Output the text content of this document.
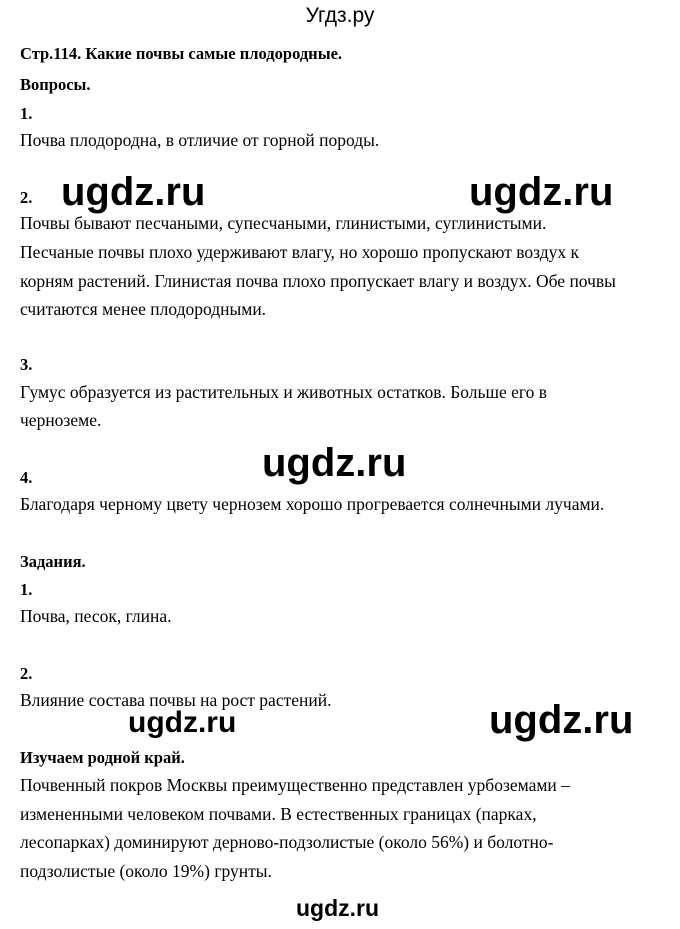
Угдз.ру
Стр.114. Какие почвы самые плодородные.
Вопросы.
1.
Почва плодородна, в отличие от горной породы.
2.
Почвы бывают песчаными, супесчаными, глинистыми, суглинистыми.
Песчаные почвы плохо удерживают влагу, но хорошо пропускают воздух к
корням растений. Глинистая почва плохо пропускает влагу и воздух. Обе почвы
считаются менее плодородными.
3.
Гумус образуется из растительных и животных остатков. Больше его в
черноземе.
4.
Благодаря черному цвету чернозем хорошо прогревается солнечными лучами.
Задания.
1.
Почва, песок, глина.
2.
Влияние состава почвы на рост растений.
Изучаем родной край.
Почвенный покров Москвы преимущественно представлен урбоземами –
измененными человеком почвами. В естественных границах (парках,
лесопарках) доминируют дерново-подзолистые (около 56%) и болотно-
подзолистые (около 19%) грунты.
ugdz.ru	ugdz.ru
ugdz.ru
ugdz.ru	ugdz.ru
ugdz.ru
